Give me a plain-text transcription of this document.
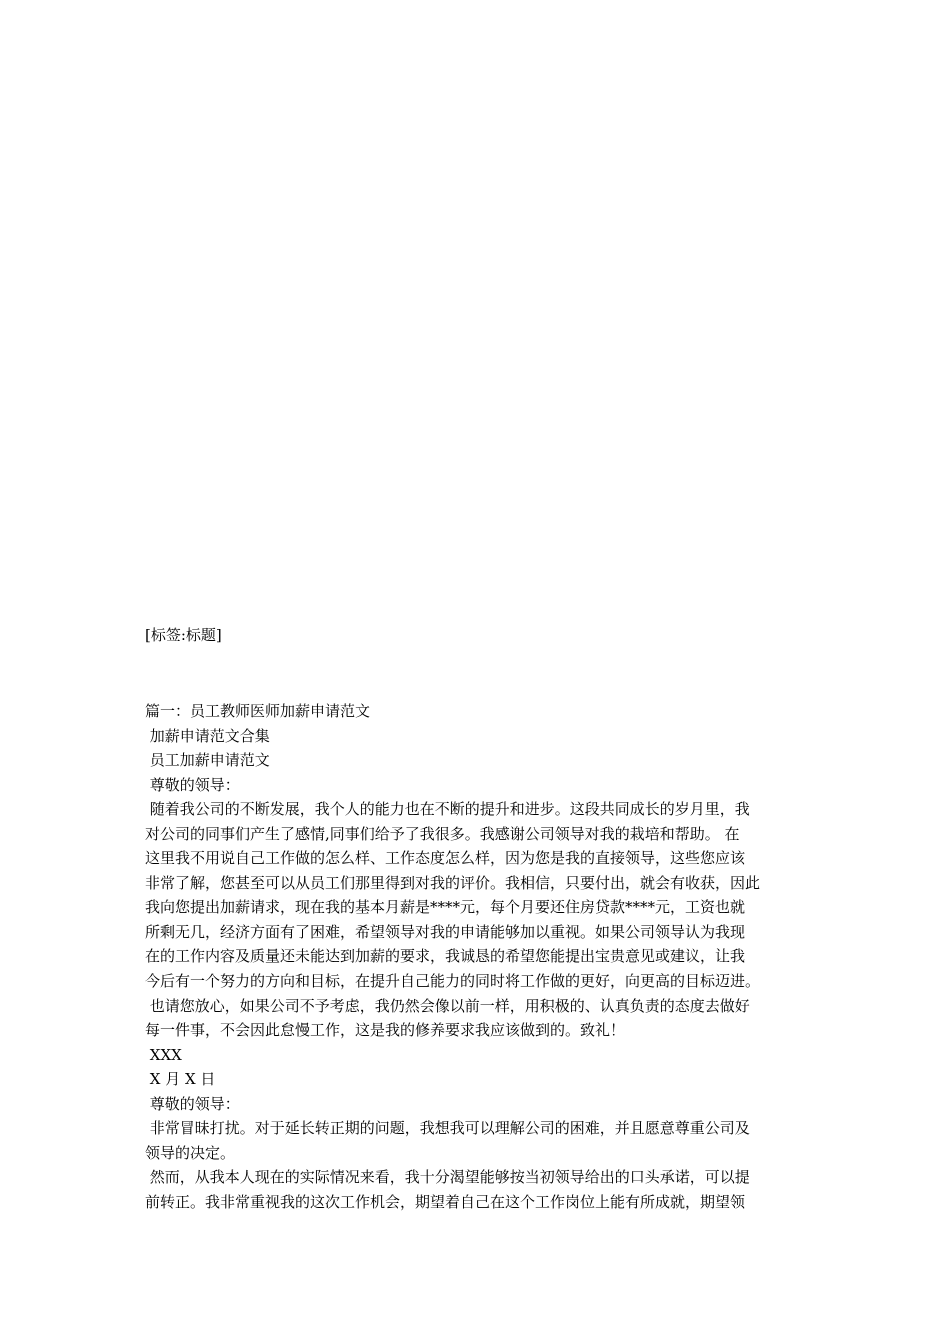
[标签:标题]
篇一：员工教师医师加薪申请范文
加薪申请范文合集
员工加薪申请范文
尊敬的领导：
随着我公司的不断发展，我个人的能力也在不断的提升和进步。这段共同成长的岁月里，我
对公司的同事们产生了感情,同事们给予了我很多。我感谢公司领导对我的栽培和帮助。 在
这里我不用说自己工作做的怎么样、工作态度怎么样，因为您是我的直接领导，这些您应该
非常了解，您甚至可以从员工们那里得到对我的评价。我相信，只要付出，就会有收获，因此
我向您提出加薪请求，现在我的基本月薪是****元，每个月要还住房贷款****元，工资也就
所剩无几，经济方面有了困难，希望领导对我的申请能够加以重视。如果公司领导认为我现
在的工作内容及质量还未能达到加薪的要求，我诚恳的希望您能提出宝贵意见或建议，让我
今后有一个努力的方向和目标，在提升自己能力的同时将工作做的更好，向更高的目标迈进。
也请您放心，如果公司不予考虑，我仍然会像以前一样，用积极的、认真负责的态度去做好
每一件事，不会因此怠慢工作，这是我的修养要求我应该做到的。致礼！
XXX
X 月 X 日
尊敬的领导：
非常冒昧打扰。对于延长转正期的问题，我想我可以理解公司的困难，并且愿意尊重公司及
领导的决定。
然而，从我本人现在的实际情况来看，我十分渴望能够按当初领导给出的口头承诺，可以提
前转正。我非常重视我的这次工作机会，期望着自己在这个工作岗位上能有所成就，期望领
